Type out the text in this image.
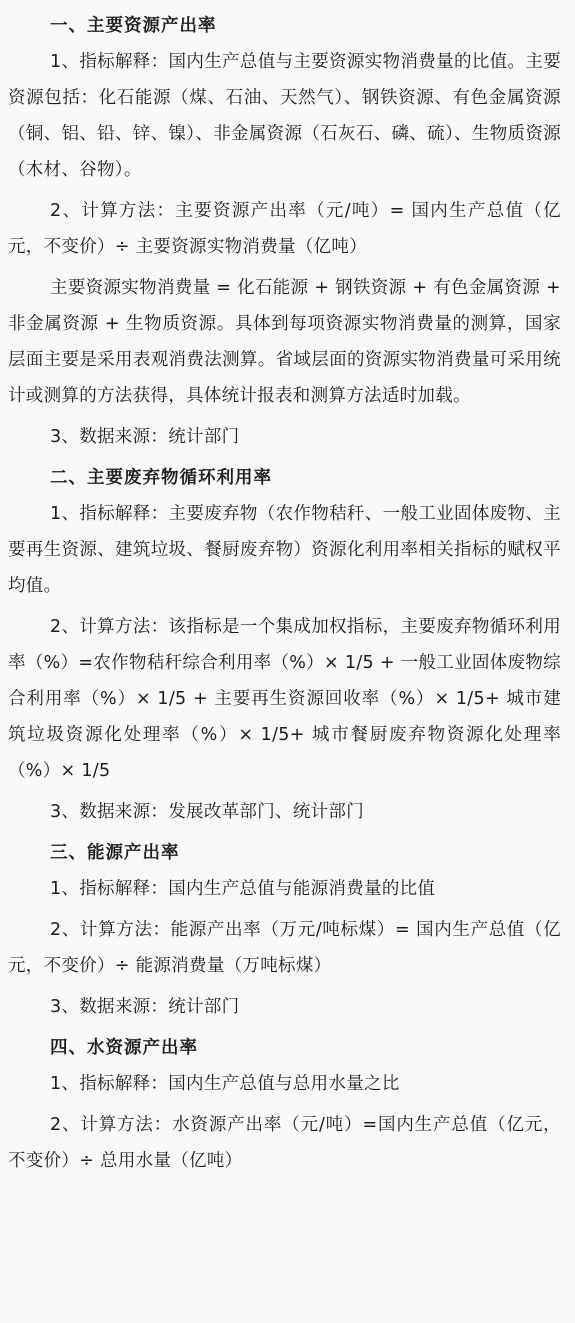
一、主要资源产出率

1、指标解释：国内生产总值与主要资源实物消费量的比值。主要资源包括：化石能源（煤、石油、天然气）、钢铁资源、有色金属资源（铜、铝、铅、锌、镍）、非金属资源（石灰石、磷、硫）、生物质资源（木材、谷物）。

2、计算方法：主要资源产出率（元/吨）= 国内生产总值（亿元，不变价）÷ 主要资源实物消费量（亿吨）

主要资源实物消费量 = 化石能源 + 钢铁资源 + 有色金属资源 + 非金属资源 + 生物质资源。具体到每项资源实物消费量的测算，国家层面主要是采用表观消费法测算。省域层面的资源实物消费量可采用统计或测算的方法获得，具体统计报表和测算方法适时加载。

3、数据来源：统计部门

二、主要废弃物循环利用率

1、指标解释：主要废弃物（农作物秸秆、一般工业固体废物、主要再生资源、建筑垃圾、餐厨废弃物）资源化利用率相关指标的赋权平均值。

2、计算方法：该指标是一个集成加权指标，主要废弃物循环利用率（%）=农作物秸秆综合利用率（%）× 1/5 + 一般工业固体废物综合利用率（%）× 1/5 + 主要再生资源回收率（%）× 1/5+ 城市建筑垃圾资源化处理率（%）× 1/5+ 城市餐厨废弃物资源化处理率（%）× 1/5

3、数据来源：发展改革部门、统计部门

三、能源产出率

1、指标解释：国内生产总值与能源消费量的比值

2、计算方法：能源产出率（万元/吨标煤）= 国内生产总值（亿元，不变价）÷ 能源消费量（万吨标煤）

3、数据来源：统计部门

四、水资源产出率

1、指标解释：国内生产总值与总用水量之比

2、计算方法：水资源产出率（元/吨）=国内生产总值（亿元，不变价）÷ 总用水量（亿吨）
